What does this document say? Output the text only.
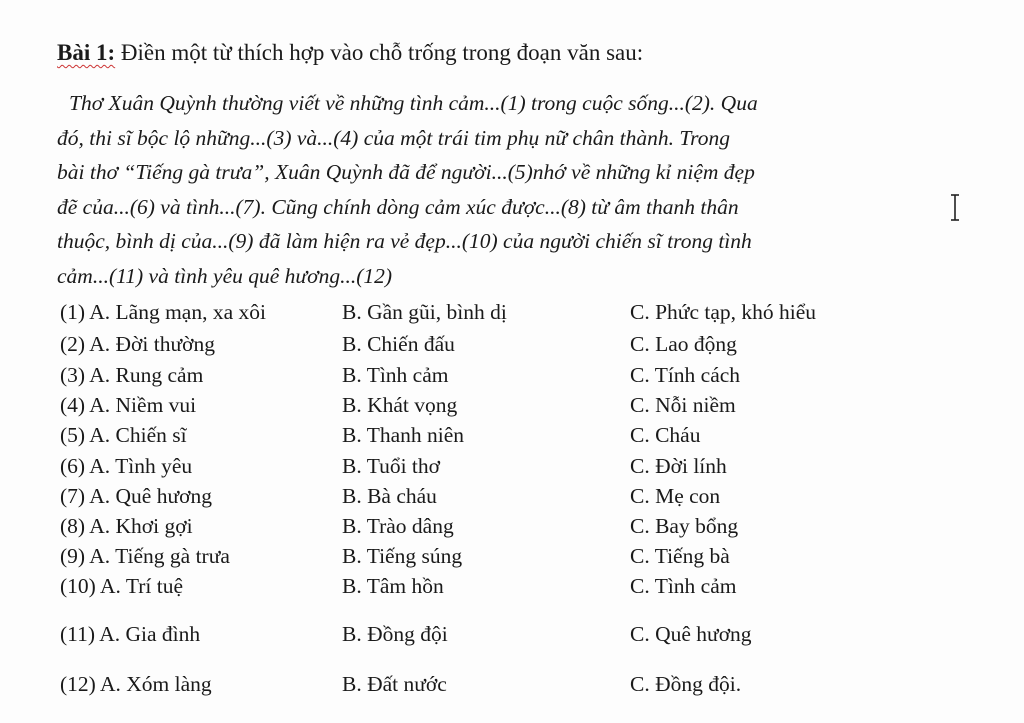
Bài 1: Điền một từ thích hợp vào chỗ trống trong đoạn văn sau:
Thơ Xuân Quỳnh thường viết về những tình cảm...(1) trong cuộc sống...(2). Qua
đó, thi sĩ bộc lộ những...(3) và...(4) của một trái tim phụ nữ chân thành. Trong
bài thơ “Tiếng gà trưa”, Xuân Quỳnh đã để người...(5)nhớ về những kỉ niệm đẹp
đẽ của...(6) và tình...(7). Cũng chính dòng cảm xúc được...(8) từ âm thanh thân
thuộc, bình dị của...(9) đã làm hiện ra vẻ đẹp...(10) của người chiến sĩ trong tình
cảm...(11) và tình yêu quê hương...(12)
(1) A. Lãng mạn, xa xôi	B. Gần gũi, bình dị	C. Phức tạp, khó hiểu
(2) A. Đời thường	B. Chiến đấu	C. Lao động
(3) A. Rung cảm	B. Tình cảm	C. Tính cách
(4) A. Niềm vui	B. Khát vọng	C. Nỗi niềm
(5) A. Chiến sĩ	B. Thanh niên	C. Cháu
(6) A. Tình yêu	B. Tuổi thơ	C. Đời lính
(7) A. Quê hương	B. Bà cháu	C. Mẹ con
(8) A. Khơi gợi	B. Trào dâng	C. Bay bổng
(9) A. Tiếng gà trưa	B. Tiếng súng	C. Tiếng bà
(10) A. Trí tuệ	B. Tâm hồn	C. Tình cảm
(11) A. Gia đình	B. Đồng đội	C. Quê hương
(12) A. Xóm làng	B. Đất nước	C. Đồng đội.
